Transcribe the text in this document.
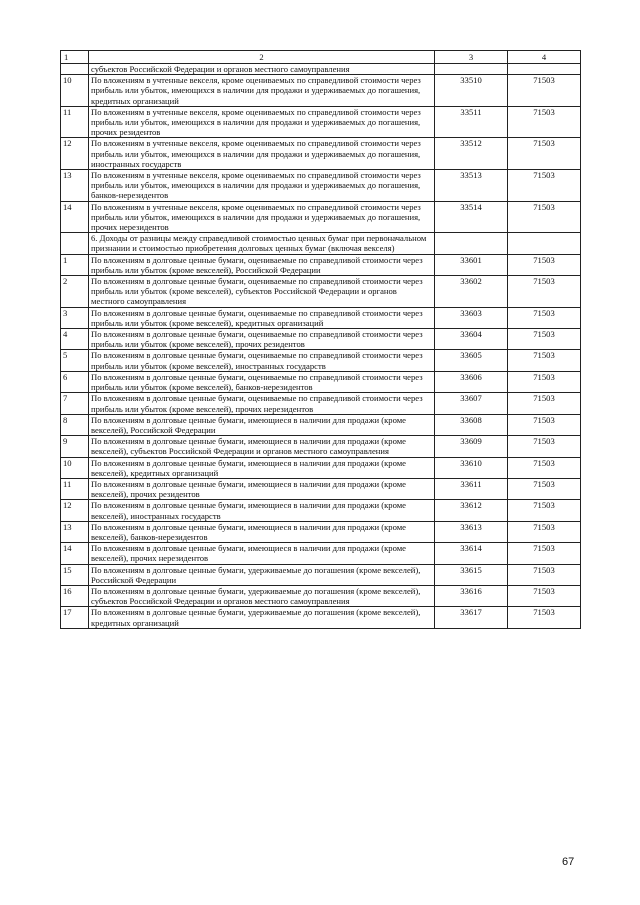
1	2	3	4
	субъектов Российской Федерации и органов местного самоуправления		
10	По вложениям в учтенные векселя, кроме оцениваемых по справедливой стоимости через прибыль или убыток, имеющихся в наличии для продажи и удерживаемых до погашения, кредитных организаций	33510	71503
11	По вложениям в учтенные векселя, кроме оцениваемых по справедливой стоимости через прибыль или убыток, имеющихся в наличии для продажи и удерживаемых до погашения, прочих резидентов	33511	71503
12	По вложениям в учтенные векселя, кроме оцениваемых по справедливой стоимости через прибыль или убыток, имеющихся в наличии для продажи и удерживаемых до погашения, иностранных государств	33512	71503
13	По вложениям в учтенные векселя, кроме оцениваемых по справедливой стоимости через прибыль или убыток, имеющихся в наличии для продажи и удерживаемых до погашения, банков-нерезидентов	33513	71503
14	По вложениям в учтенные векселя, кроме оцениваемых по справедливой стоимости через прибыль или убыток, имеющихся в наличии для продажи и удерживаемых до погашения, прочих нерезидентов	33514	71503
	6. Доходы от разницы между справедливой стоимостью ценных бумаг при первоначальном признании и стоимостью приобретения долговых ценных бумаг (включая векселя)		
1	По вложениям в долговые ценные бумаги, оцениваемые по справедливой стоимости через прибыль или убыток (кроме векселей), Российской Федерации	33601	71503
2	По вложениям в долговые ценные бумаги, оцениваемые по справедливой стоимости через прибыль или убыток (кроме векселей), субъектов Российской Федерации и органов местного самоуправления	33602	71503
3	По вложениям в долговые ценные бумаги, оцениваемые по справедливой стоимости через прибыль или убыток (кроме векселей), кредитных организаций	33603	71503
4	По вложениям в долговые ценные бумаги, оцениваемые по справедливой стоимости через прибыль или убыток (кроме векселей), прочих резидентов	33604	71503
5	По вложениям в долговые ценные бумаги, оцениваемые по справедливой стоимости через прибыль или убыток (кроме векселей), иностранных государств	33605	71503
6	По вложениям в долговые ценные бумаги, оцениваемые по справедливой стоимости через прибыль или убыток (кроме векселей), банков-нерезидентов	33606	71503
7	По вложениям в долговые ценные бумаги, оцениваемые по справедливой стоимости через прибыль или убыток (кроме векселей), прочих нерезидентов	33607	71503
8	По вложениям в долговые ценные бумаги, имеющиеся в наличии для продажи (кроме векселей), Российской Федерации	33608	71503
9	По вложениям в долговые ценные бумаги, имеющиеся в наличии для продажи (кроме векселей), субъектов Российской Федерации и органов местного самоуправления	33609	71503
10	По вложениям в долговые ценные бумаги, имеющиеся в наличии для продажи (кроме векселей), кредитных организаций	33610	71503
11	По вложениям в долговые ценные бумаги, имеющиеся в наличии для продажи (кроме векселей), прочих резидентов	33611	71503
12	По вложениям в долговые ценные бумаги, имеющиеся в наличии для продажи (кроме векселей), иностранных государств	33612	71503
13	По вложениям в долговые ценные бумаги, имеющиеся в наличии для продажи (кроме векселей), банков-нерезидентов	33613	71503
14	По вложениям в долговые ценные бумаги, имеющиеся в наличии для продажи (кроме векселей), прочих нерезидентов	33614	71503
15	По вложениям в долговые ценные бумаги, удерживаемые до погашения (кроме векселей), Российской Федерации	33615	71503
16	По вложениям в долговые ценные бумаги, удерживаемые до погашения (кроме векселей), субъектов Российской Федерации и органов местного самоуправления	33616	71503
17	По вложениям в долговые ценные бумаги, удерживаемые до погашения (кроме векселей), кредитных организаций	33617	71503
67
